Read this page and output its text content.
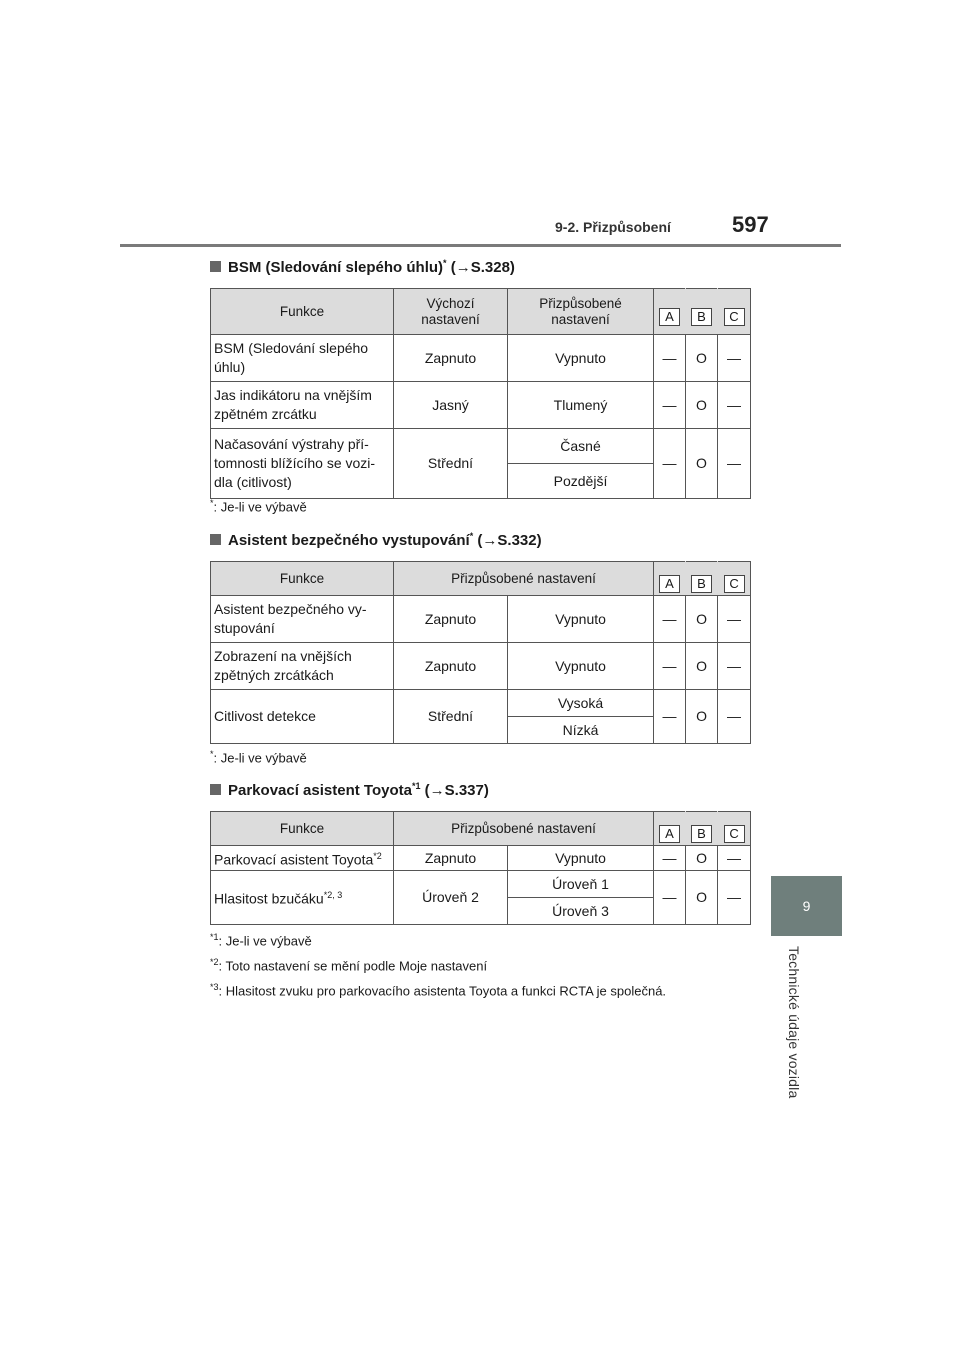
9-2. Přizpůsobení	597
9
Technické údaje vozidla
BSM (Sledování slepého úhlu)* (→S.328)
Funkce	Výchozí nastavení	Přizpůsobené nastavení	A	B	C
BSM (Sledování slepého úhlu)	Zapnuto	Vypnuto	—	O	—
Jas indikátoru na vnějším zpětném zrcátku	Jasný	Tlumený	—	O	—
Načasování výstrahy pří-tomnosti blížícího se vozi-dla (citlivost)	Střední	Časné	—	O	—
		Pozdější			
*: Je-li ve výbavě
Asistent bezpečného vystupování* (→S.332)
Funkce	Přizpůsobené nastavení		A	B	C
Asistent bezpečného vy-stupování	Zapnuto	Vypnuto	—	O	—
Zobrazení na vnějších zpětných zrcátkách	Zapnuto	Vypnuto	—	O	—
Citlivost detekce	Střední	Vysoká	—	O	—
		Nízká			
*: Je-li ve výbavě
Parkovací asistent Toyota$^{*1}$ (→S.337)
Funkce	Přizpůsobené nastavení		A	B	C
Parkovací asistent Toyota$^{*2}$	Zapnuto	Vypnuto	—	O	—
Hlasitost bzučáku$^{*2, 3}$	Úroveň 2	Úroveň 1	—	O	—
		Úroveň 3			
$^{*1}$: Je-li ve výbavě
$^{*2}$: Toto nastavení se mění podle Moje nastavení
$^{*3}$: Hlasitost zvuku pro parkovacího asistenta Toyota a funkci RCTA je společná.
